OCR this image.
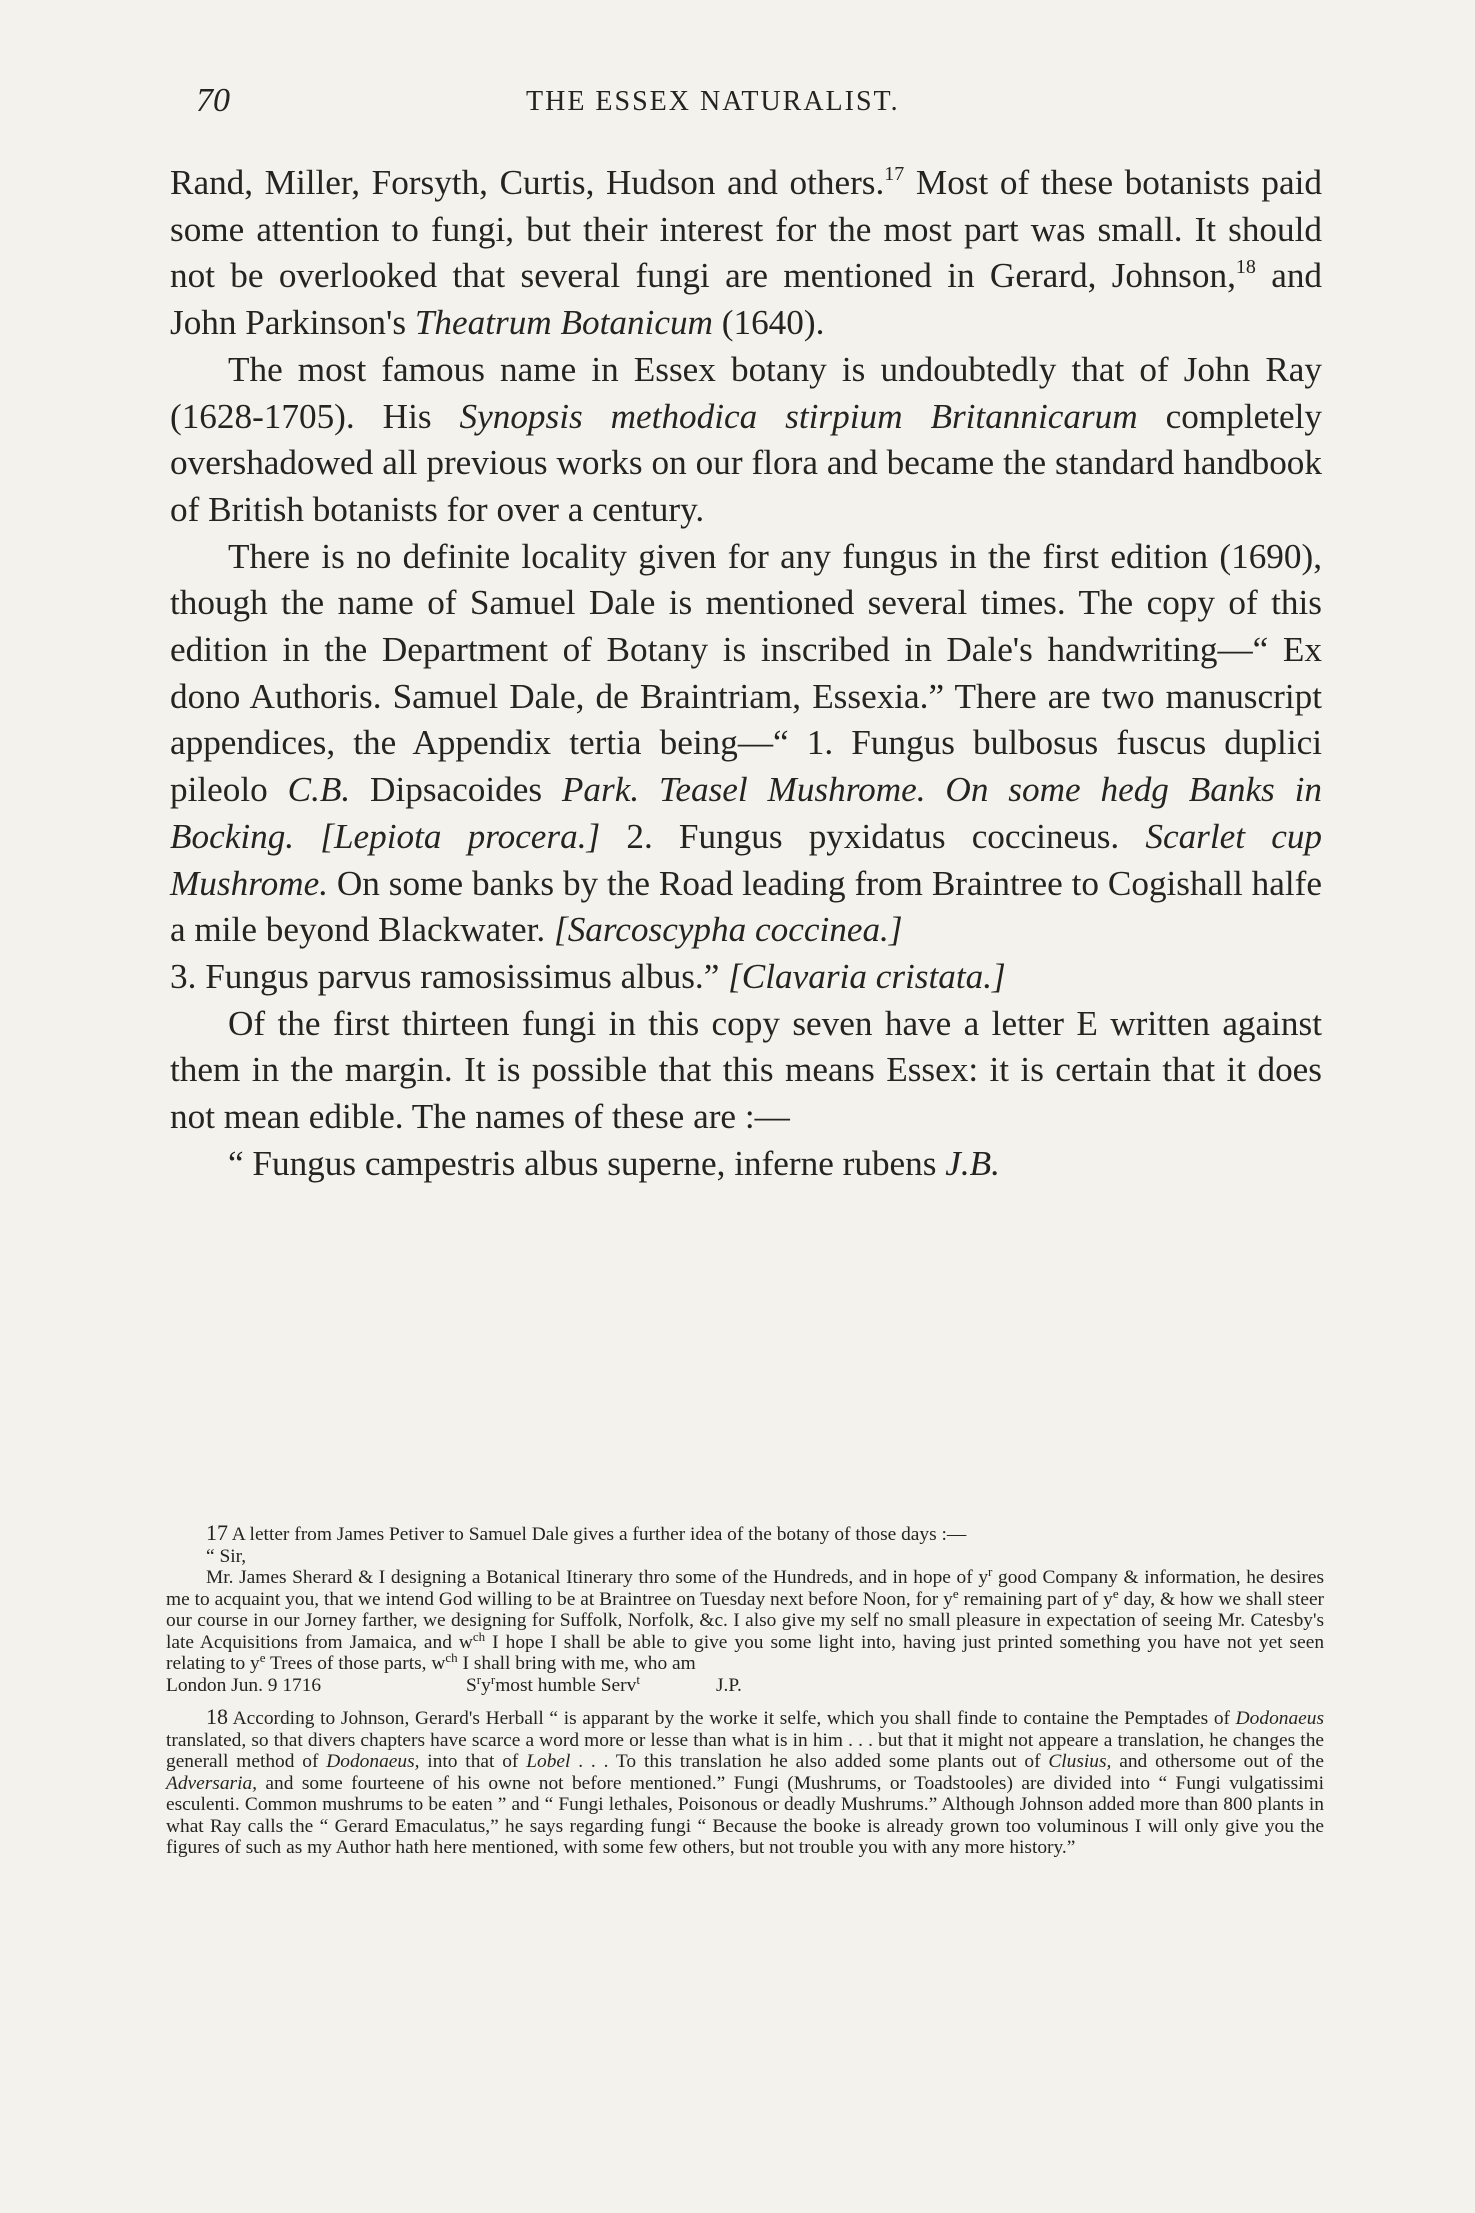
70	THE ESSEX NATURALIST.

Rand, Miller, Forsyth, Curtis, Hudson and others.$^{17}$ Most of these botanists paid some attention to fungi, but their interest for the most part was small. It should not be overlooked that several fungi are mentioned in Gerard, Johnson,$^{18}$ and John Parkinson's Theatrum Botanicum (1640).

The most famous name in Essex botany is undoubtedly that of John Ray (1628-1705). His Synopsis methodica stirpium Britannicarum completely overshadowed all previous works on our flora and became the standard handbook of British botanists for over a century.

There is no definite locality given for any fungus in the first edition (1690), though the name of Samuel Dale is mentioned several times. The copy of this edition in the Department of Botany is inscribed in Dale's handwriting—“ Ex dono Authoris. Samuel Dale, de Braintriam, Essexia.” There are two manuscript appendices, the Appendix tertia being—“ 1. Fungus bulbosus fuscus duplici pileolo C.B. Dipsacoides Park. Teasel Mushrome. On some hedg Banks in Bocking. [Lepiota procera.] 2. Fungus pyxidatus coccineus. Scarlet cup Mushrome. On some banks by the Road leading from Braintree to Cogishall halfe a mile beyond Blackwater. [Sarcoscypha coccinea.]

3. Fungus parvus ramosissimus albus.” [Clavaria cristata.]

Of the first thirteen fungi in this copy seven have a letter E written against them in the margin. It is possible that this means Essex: it is certain that it does not mean edible. The names of these are :—

“ Fungus campestris albus superne, inferne rubens J.B.

17 A letter from James Petiver to Samuel Dale gives a further idea of the botany of those days :—

“ Sir,

Mr. James Sherard & I designing a Botanical Itinerary thro some of the Hundreds, and in hope of $y^r$ good Company & information, he desires me to acquaint you, that we intend God willing to be at Braintree on Tuesday next before Noon, for $y^e$ remaining part of $y^e$ day, & how we shall steer our course in our Jorney farther, we designing for Suffolk, Norfolk, &c. I also give my self no small pleasure in expectation of seeing Mr. Catesby's late Acquisitions from Jamaica, and $w^{ch}$ I hope I shall be able to give you some light into, having just printed something you have not yet seen relating to $y^e$ Trees of those parts, $w^{ch}$ I shall bring with me, who am

London Jun. 9 1716	$S^ry^rmost$ humble Serv$^t$	J.P.

18 According to Johnson, Gerard's Herball “ is apparant by the worke it selfe, which you shall finde to containe the Pemptades of Dodonaeus translated, so that divers chapters have scarce a word more or lesse than what is in him . . . but that it might not appeare a translation, he changes the generall method of Dodonaeus, into that of Lobel . . . To this translation he also added some plants out of Clusius, and othersome out of the Adversaria, and some fourteene of his owne not before mentioned.” Fungi (Mushrums, or Toadstooles) are divided into “ Fungi vulgatissimi esculenti. Common mushrums to be eaten ” and “ Fungi lethales, Poisonous or deadly Mushrums.” Although Johnson added more than 800 plants in what Ray calls the “ Gerard Emaculatus,” he says regarding fungi “ Because the booke is already grown too voluminous I will only give you the figures of such as my Author hath here mentioned, with some few others, but not trouble you with any more history.”
